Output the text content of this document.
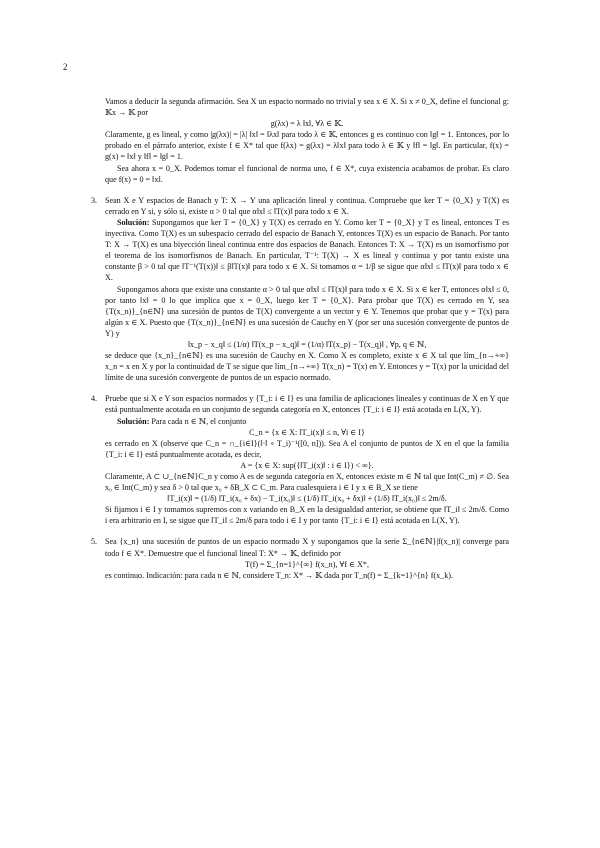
2

Vamos a deducir la segunda afirmación. Sea X un espacio normado no trivial y sea x ∈ X. Si x ≠ 0_X, define el funcional g: 𝕂x → 𝕂 por

g(λx) = λ ‖x‖, ∀λ ∈ 𝕂.

Claramente, g es lineal, y como |g(λx)| = |λ| ‖x‖ = ‖λx‖ para todo λ ∈ 𝕂, entonces g es continuo con ‖g‖ = 1. Entonces, por lo probado en el párrafo anterior, existe f ∈ X* tal que f(λx) = g(λx) = λ‖x‖ para todo λ ∈ 𝕂 y ‖f‖ = ‖g‖. En particular, f(x) = g(x) = ‖x‖ y ‖f‖ = ‖g‖ = 1.

Sea ahora x = 0_X. Podemos tomar el funcional de norma uno, f ∈ X*, cuya existencia acabamos de probar. Es claro que f(x) = 0 = ‖x‖.

3. Sean X e Y espacios de Banach y T: X → Y una aplicación lineal y continua. Compruebe que ker T = {0_X} y T(X) es cerrado en Y si, y sólo si, existe α > 0 tal que α‖x‖ ≤ ‖T(x)‖ para todo x ∈ X.

Solución: Supongamos que ker T = {0_X} y T(X) es cerrado en Y. Como ker T = {0_X} y T es lineal, entonces T es inyectiva. Como T(X) es un subespacio cerrado del espacio de Banach Y, entonces T(X) es un espacio de Banach. Por tanto T: X → T(X) es una biyección lineal continua entre dos espacios de Banach. Entonces T: X → T(X) es un isomorfismo por el teorema de los isomorfismos de Banach. En particular, T⁻¹: T(X) → X es lineal y continua y por tanto existe una constante β > 0 tal que ‖T⁻¹(T(x))‖ ≤ β‖T(x)‖ para todo x ∈ X. Si tomamos α = 1/β se sigue que α‖x‖ ≤ ‖T(x)‖ para todo x ∈ X.

Supongamos ahora que existe una constante α > 0 tal que α‖x‖ ≤ ‖T(x)‖ para todo x ∈ X. Si x ∈ ker T, entonces α‖x‖ ≤ 0, por tanto ‖x‖ = 0 lo que implica que x = 0_X, luego ker T = {0_X}. Para probar que T(X) es cerrado en Y, sea {T(x_n)}_{n∈ℕ} una sucesión de puntos de T(X) convergente a un vector y ∈ Y. Tenemos que probar que y = T(x) para algún x ∈ X. Puesto que {T(x_n)}_{n∈ℕ} es una sucesión de Cauchy en Y (por ser una sucesión convergente de puntos de Y) y

‖x_p − x_q‖ ≤ (1/α) ‖T(x_p − x_q)‖ = (1/α) ‖T(x_p) − T(x_q)‖ , ∀p, q ∈ ℕ,

se deduce que {x_n}_{n∈ℕ} es una sucesión de Cauchy en X. Como X es completo, existe x ∈ X tal que lím_{n→+∞} x_n = x en X y por la continuidad de T se sigue que lím_{n→+∞} T(x_n) = T(x) en Y. Entonces y = T(x) por la unicidad del límite de una sucesión convergente de puntos de un espacio normado.

4. Pruebe que si X e Y son espacios normados y {T_i: i ∈ I} es una familia de aplicaciones lineales y continuas de X en Y que está puntualmente acotada en un conjunto de segunda categoría en X, entonces {T_i: i ∈ I} está acotada en L(X, Y).

Solución: Para cada n ∈ ℕ, el conjunto

C_n = {x ∈ X: ‖T_i(x)‖ ≤ n, ∀i ∈ I}

es cerrado en X (observe que C_n = ∩_{i∈I}(‖·‖ ∘ T_i)⁻¹([0, n])). Sea A el conjunto de puntos de X en el que la familia {T_i: i ∈ I} está puntualmente acotada, es decir,

A = {x ∈ X: sup({‖T_i(x)‖ : i ∈ I}) < ∞}.

Claramente, A ⊂ ∪_{n∈ℕ}C_n y como A es de segunda categoría en X, entonces existe m ∈ ℕ tal que Int(C_m) ≠ ∅. Sea x₀ ∈ Int(C_m) y sea δ > 0 tal que x₀ + δB_X ⊂ C_m. Para cualesquiera i ∈ I y x ∈ B_X se tiene

‖T_i(x)‖ = (1/δ) ‖T_i(x₀ + δx) − T_i(x₀)‖ ≤ (1/δ) ‖T_i(x₀ + δx)‖ + (1/δ) ‖T_i(x₀)‖ ≤ 2m/δ.

Si fijamos i ∈ I y tomamos supremos con x variando en B_X en la desigualdad anterior, se obtiene que ‖T_i‖ ≤ 2m/δ. Como i era arbitrario en I, se sigue que ‖T_i‖ ≤ 2m/δ para todo i ∈ I y por tanto {T_i: i ∈ I} está acotada en L(X, Y).

5. Sea {x_n} una sucesión de puntos de un espacio normado X y supongamos que la serie Σ_{n∈ℕ}|f(x_n)| converge para todo f ∈ X*. Demuestre que el funcional lineal T: X* → 𝕂, definido por

T(f) = Σ_{n=1}^{∞} f(x_n), ∀f ∈ X*,

es continuo. Indicación: para cada n ∈ ℕ, considere T_n: X* → 𝕂 dada por T_n(f) = Σ_{k=1}^{n} f(x_k).
